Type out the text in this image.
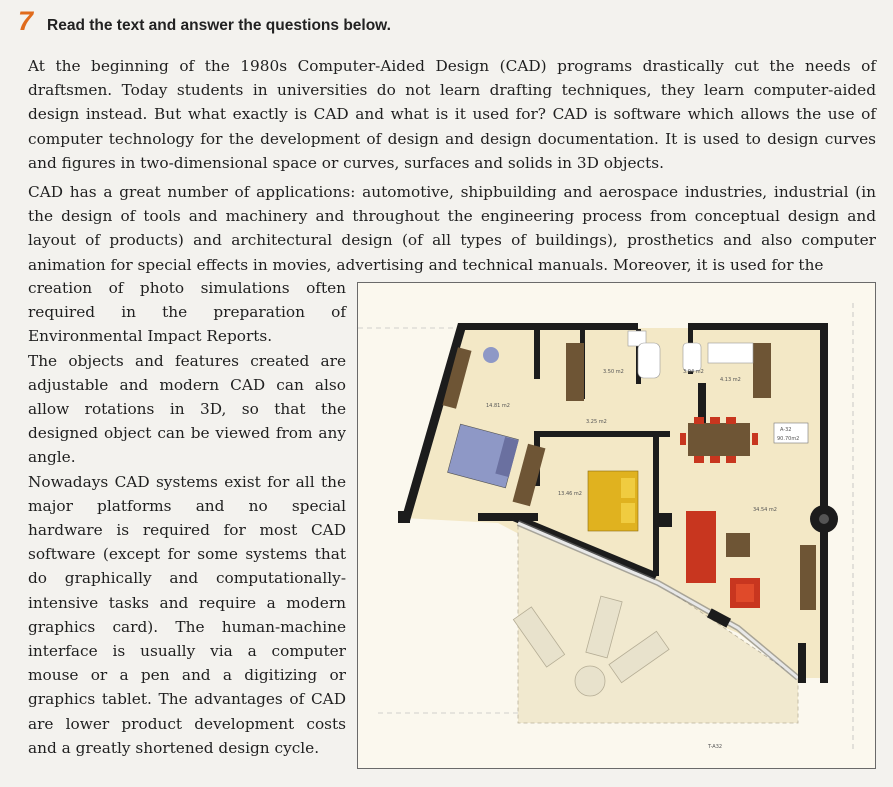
7 Read the text and answer the questions below.

At the beginning of the 1980s Computer-Aided Design (CAD) programs drastically cut the needs of draftsmen. Today students in universities do not learn drafting techniques, they learn computer-aided design instead. But what exactly is CAD and what is it used for? CAD is software which allows the use of computer technology for the development of design and design documentation. It is used to design curves and figures in two-dimensional space or curves, surfaces and solids in 3D objects.

CAD has a great number of applications: automotive, shipbuilding and aerospace industries, industrial (in the design of tools and machinery and throughout the engineering process from conceptual design and layout of products) and architectural design (of all types of buildings), prosthetics and also computer animation for special effects in movies, advertising and technical manuals. Moreover, it is used for the

creation of photo simulations often required in the preparation of Environmental Impact Reports.

The objects and features created are adjustable and modern CAD can also allow rotations in 3D, so that the designed object can be viewed from any angle.

Nowadays CAD systems exist for all the major platforms and no special hardware is required for most CAD software (except for some systems that do graphically and computationally-intensive tasks and require a modern graphics card). The human-machine interface is usually via a computer mouse or a pen and a digitizing or graphics tablet. The advantages of CAD are lower product development costs and a greatly shortened design cycle.

14.81 m2
3.25 m2
3.50 m2	3.04 m2
4.13 m2
13.46 m2
34.54 m2
A-32
90.70m2
T-A32
